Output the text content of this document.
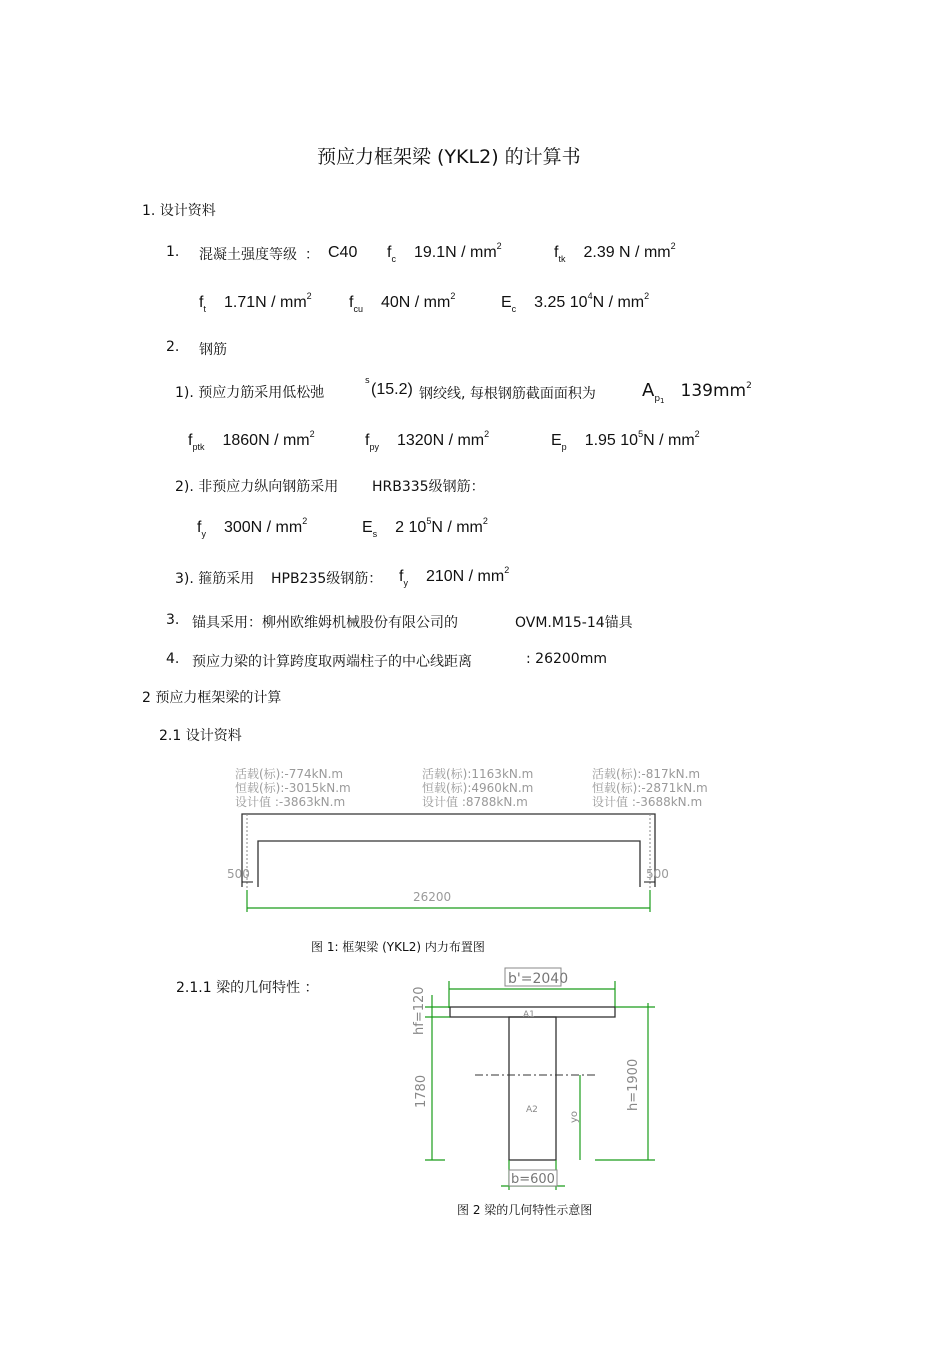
预应力框架梁 (YKL2) 的计算书
1. 设计资料
1. 混凝土强度等级 ： C40 $f_c$ $19.1N / mm^2$	$f_{tk}$ 2.39 N / $mm^2$
$f_t$ $1.71N / mm^2$ $f_{cu}$ $40N / mm^2$	$E_c$ 3.25 $10^4N / mm^2$
2. 钢筋
1). 预应力筋采用低松弛
s (15.2) 钢绞线, 每根钢筋截面面积为	$A_{p1}$ $139mm^2$
$f_{ptk}$ $1860N / mm^2$	$f_{py}$ $1320N / mm^2$	$E_p$ 1.95 $10^5N / mm^2$
2). 非预应力纵向钢筋采用 HRB335级钢筋：
$f_y$ $300N / mm^2$	$E_s$ 2 $10^5N / mm^2$
3). 箍筋采用 HPB235级钢筋： $f_y$ $210N / mm^2$
3. 锚具采用：柳州欧维姆机械股份有限公司的	OVM.M15-14锚具
4. 预应力梁的计算跨度取两端柱子的中心线距离	: 26200mm
2 预应力框架梁的计算
2.1 设计资料
活载(标):-774kN.m
恒载(标):-3015kN.m
设计值 :-3863kN.m
活载(标):1163kN.m
恒载(标):4960kN.m
设计值 :8788kN.m
活载(标):-817kN.m
恒载(标):-2871kN.m
设计值 :-3688kN.m
500	500
26200
图 1: 框架梁 (YKL2) 内力布置图
2.1.1 梁的几何特性 ：
b'=2040
A1
A2
yo
hf=120
1780	h=1900
b=600
图 2 梁的几何特性示意图
